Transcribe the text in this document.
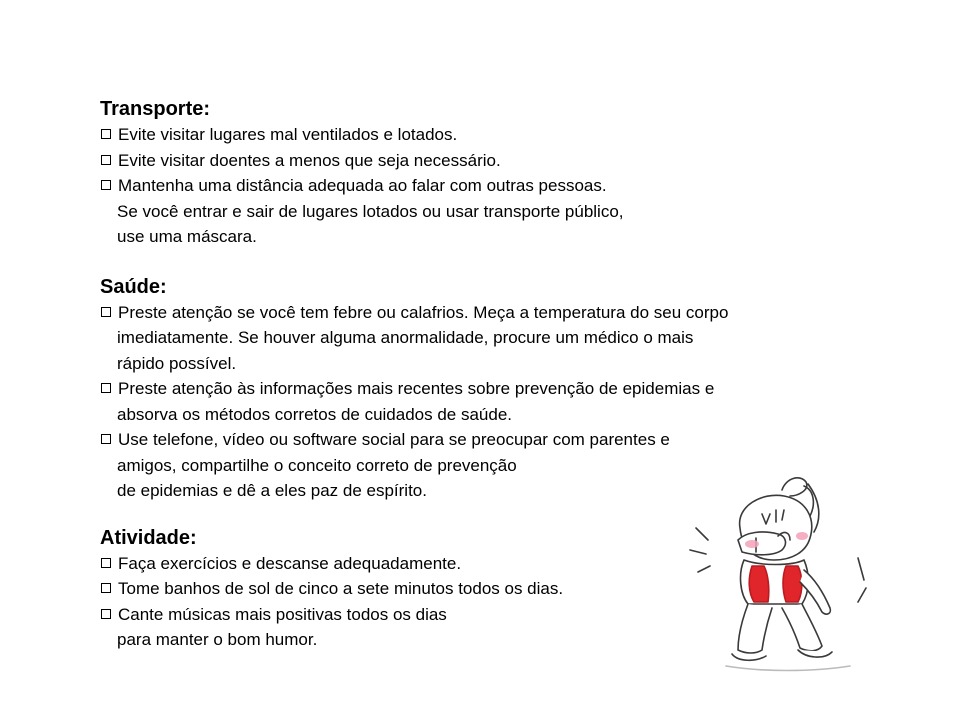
Transporte:
Evite visitar lugares mal ventilados e lotados.
Evite visitar doentes a menos que seja necessário.
Mantenha uma distância adequada ao falar com outras pessoas.
Se você entrar e sair de lugares lotados ou usar transporte público,
use uma máscara.
Saúde:
Preste atenção se você tem febre ou calafrios. Meça a temperatura do seu corpo
imediatamente. Se houver alguma anormalidade, procure um médico o mais
rápido possível.
Preste atenção às informações mais recentes sobre prevenção de epidemias e
absorva os métodos corretos de cuidados de saúde.
Use telefone, vídeo ou software social para se preocupar com parentes e
amigos, compartilhe o conceito correto de prevenção
de epidemias e dê a eles paz de espírito.
Atividade:
Faça exercícios e descanse adequadamente.
Tome banhos de sol de cinco a sete minutos todos os dias.
Cante músicas mais positivas todos os dias
para manter o bom humor.
